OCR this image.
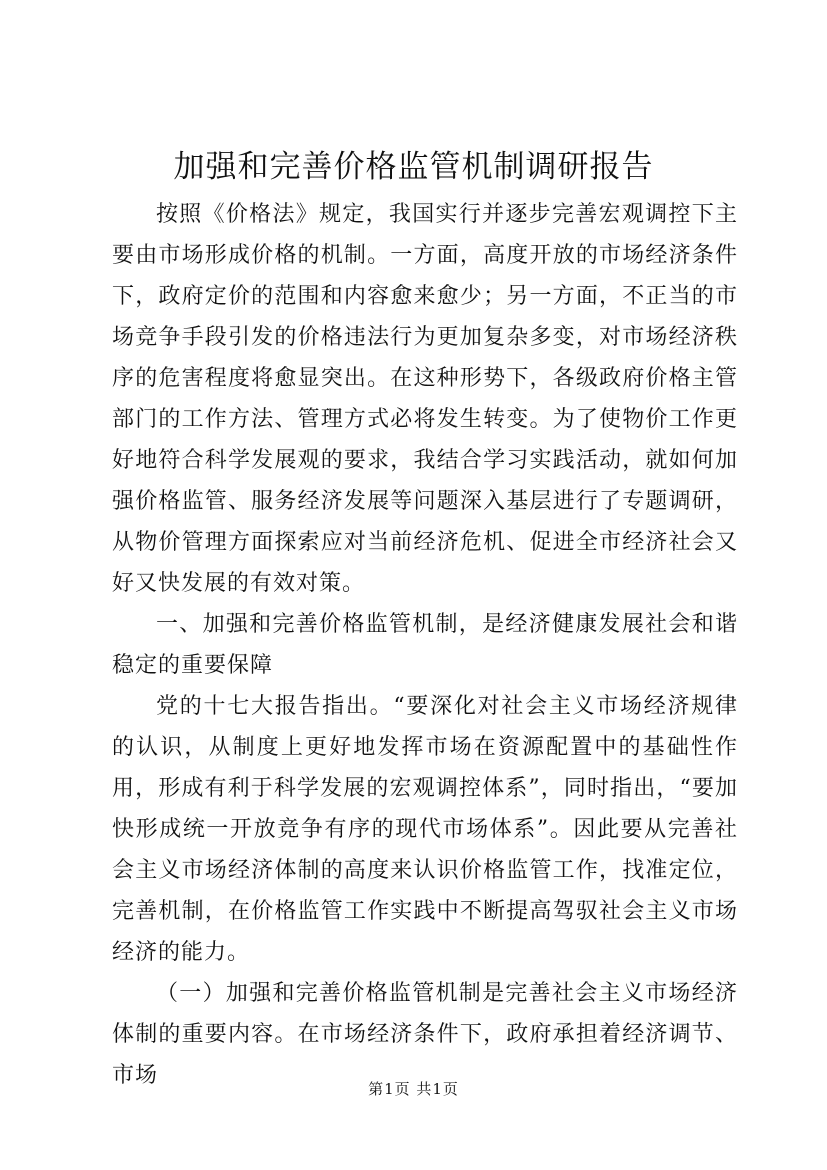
加强和完善价格监管机制调研报告

按照《价格法》规定，我国实行并逐步完善宏观调控下主要由市场形成价格的机制。一方面，高度开放的市场经济条件下，政府定价的范围和内容愈来愈少；另一方面，不正当的市场竞争手段引发的价格违法行为更加复杂多变，对市场经济秩序的危害程度将愈显突出。在这种形势下，各级政府价格主管部门的工作方法、管理方式必将发生转变。为了使物价工作更好地符合科学发展观的要求，我结合学习实践活动，就如何加强价格监管、服务经济发展等问题深入基层进行了专题调研，从物价管理方面探索应对当前经济危机、促进全市经济社会又好又快发展的有效对策。

一、加强和完善价格监管机制，是经济健康发展社会和谐稳定的重要保障

党的十七大报告指出。“要深化对社会主义市场经济规律的认识，从制度上更好地发挥市场在资源配置中的基础性作用，形成有利于科学发展的宏观调控体系”，同时指出，“要加快形成统一开放竞争有序的现代市场体系”。因此要从完善社会主义市场经济体制的高度来认识价格监管工作，找准定位，完善机制，在价格监管工作实践中不断提高驾驭社会主义市场经济的能力。

（一）加强和完善价格监管机制是完善社会主义市场经济体制的重要内容。在市场经济条件下，政府承担着经济调节、市场

第1页 共1页
